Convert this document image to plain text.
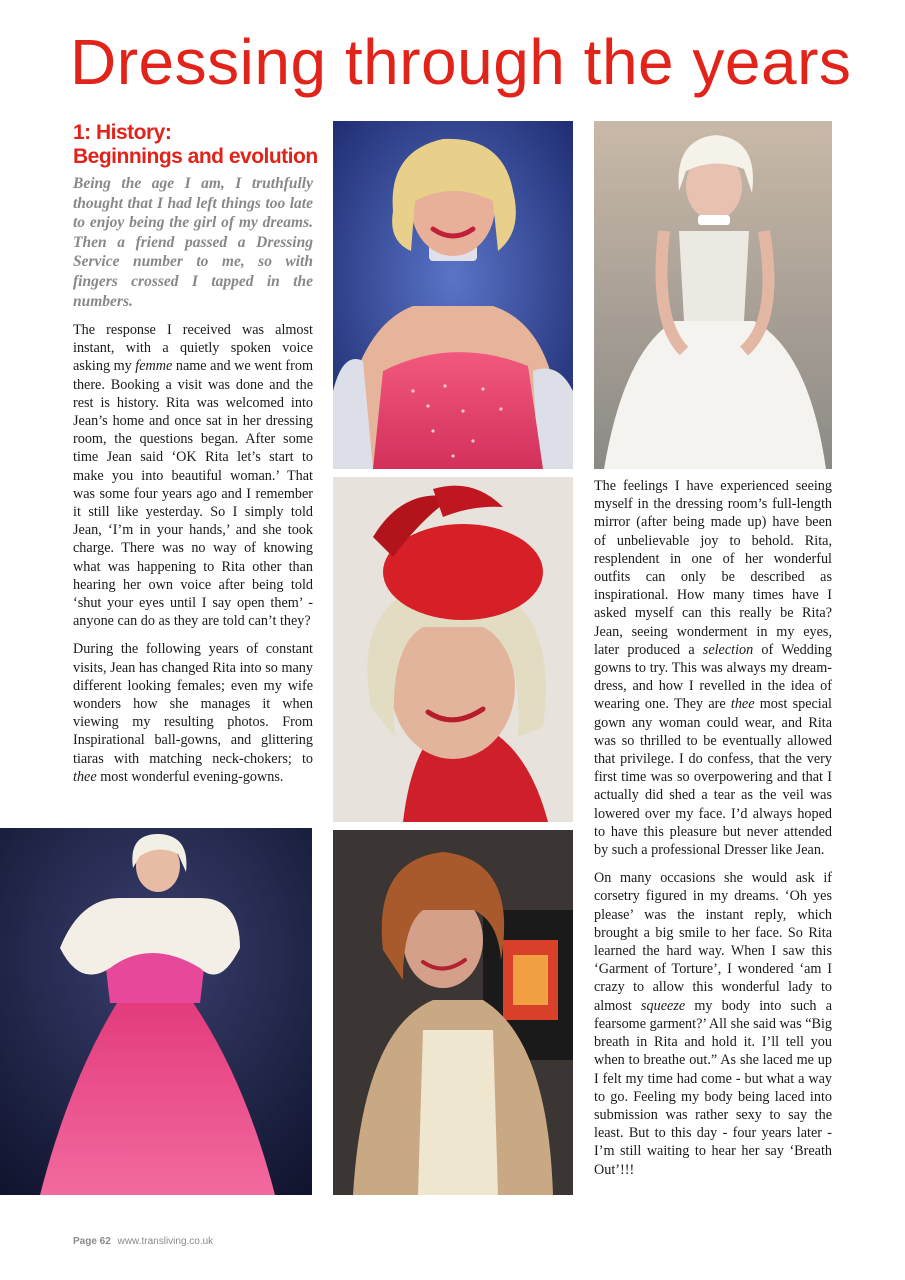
Dressing through the years
1: History:
Beginnings and evolution

Being the age I am, I truthfully thought that I had left things too late to enjoy being the girl of my dreams. Then a friend passed a Dressing Service number to me, so with fingers crossed I tapped in the numbers.

The response I received was almost instant, with a quietly spoken voice asking my femme name and we went from there. Booking a visit was done and the rest is history. Rita was welcomed into Jean’s home and once sat in her dressing room, the questions began. After some time Jean said ‘OK Rita let’s start to make you into beautiful woman.’ That was some four years ago and I remember it still like yesterday. So I simply told Jean, ‘I’m in your hands,’ and she took charge. There was no way of knowing what was happening to Rita other than hearing her own voice after being told ‘shut your eyes until I say open them’ - anyone can do as they are told can’t they?

During the following years of constant visits, Jean has changed Rita into so many different looking females; even my wife wonders how she manages it when viewing my resulting photos. From Inspirational ball-gowns, and glittering tiaras with matching neck-chokers; to thee most wonderful evening-gowns.

The feelings I have experienced seeing myself in the dressing room’s full-length mirror (after being made up) have been of unbelievable joy to behold. Rita, resplendent in one of her wonderful outfits can only be described as inspirational. How many times have I asked myself can this really be Rita? Jean, seeing wonderment in my eyes, later produced a selection of Wedding gowns to try. This was always my dream-dress, and how I revelled in the idea of wearing one. They are thee most special gown any woman could wear, and Rita was so thrilled to be eventually allowed that privilege. I do confess, that the very first time was so overpowering and that I actually did shed a tear as the veil was lowered over my face. I’d always hoped to have this pleasure but never attended by such a professional Dresser like Jean.

On many occasions she would ask if corsetry figured in my dreams. ‘Oh yes please’ was the instant reply, which brought a big smile to her face. So Rita learned the hard way. When I saw this ‘Garment of Torture’, I wondered ‘am I crazy to allow this wonderful lady to almost squeeze my body into such a fearsome garment?’ All she said was “Big breath in Rita and hold it. I’ll tell you when to breathe out.” As she laced me up I felt my time had come - but what a way to go. Feeling my body being laced into submission was rather sexy to say the least. But to this day - four years later - I’m still waiting to hear her say ‘Breath Out’!!!

Page 62 www.transliving.co.uk
